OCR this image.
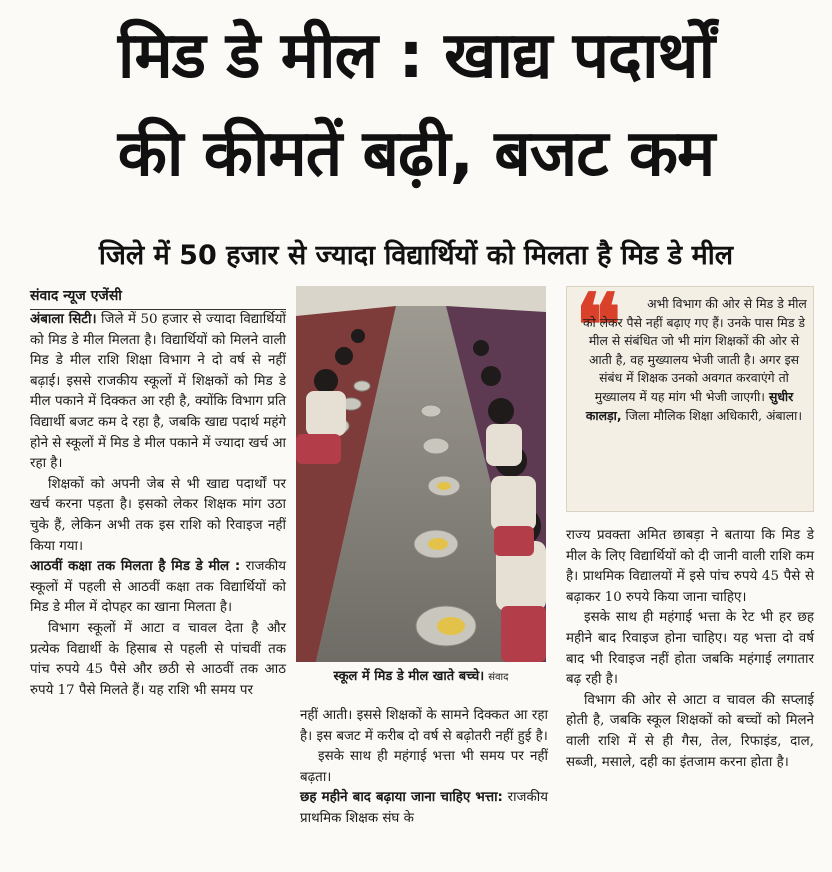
मिड डे मील : खाद्य पदार्थों
की कीमतें बढ़ी, बजट कम
जिले में 50 हजार से ज्यादा विद्यार्थियों को मिलता है मिड डे मील
संवाद न्यूज एजेंसी

अंबाला सिटी। जिले में 50 हजार से ज्यादा विद्यार्थियों को मिड डे मील मिलता है। विद्यार्थियों को मिलने वाली मिड डे मील राशि शिक्षा विभाग ने दो वर्ष से नहीं बढ़ाई। इससे राजकीय स्कूलों में शिक्षकों को मिड डे मील पकाने में दिक्कत आ रही है, क्योंकि विभाग प्रति विद्यार्थी बजट कम दे रहा है, जबकि खाद्य पदार्थ महंगे होने से स्कूलों में मिड डे मील पकाने में ज्यादा खर्च आ रहा है।

शिक्षकों को अपनी जेब से भी खाद्य पदार्थों पर खर्च करना पड़ता है। इसको लेकर शिक्षक मांग उठा चुके हैं, लेकिन अभी तक इस राशि को रिवाइज नहीं किया गया।

आठवीं कक्षा तक मिलता है मिड डे मील : राजकीय स्कूलों में पहली से आठवीं कक्षा तक विद्यार्थियों को मिड डे मील में दोपहर का खाना मिलता है।

विभाग स्कूलों में आटा व चावल देता है और प्रत्येक विद्यार्थी के हिसाब से पहली से पांचवीं तक पांच रुपये 45 पैसे और छठी से आठवीं तक आठ रुपये 17 पैसे मिलते हैं। यह राशि भी समय पर

स्कूल में मिड डे मील खाते बच्चे। संवाद

नहीं आती। इससे शिक्षकों के सामने दिक्कत आ रहा है। इस बजट में करीब दो वर्ष से बढ़ोतरी नहीं हुई है।

इसके साथ ही महंगाई भत्ता भी समय पर नहीं बढ़ता।

छह महीने बाद बढ़ाया जाना चाहिए भत्ता: राजकीय प्राथमिक शिक्षक संघ के

❝	अभी विभाग की ओर से मिड डे मील को लेकर पैसे नहीं बढ़ाए गए हैं। उनके पास मिड डे मील से संबंधित जो भी मांग शिक्षकों की ओर से आती है, वह मुख्यालय भेजी जाती है। अगर इस संबंध में शिक्षक उनको अवगत करवाएंगे तो मुख्यालय में यह मांग भी भेजी जाएगी। सुधीर कालड़ा, जिला मौलिक शिक्षा अधिकारी, अंबाला।

राज्य प्रवक्ता अमित छाबड़ा ने बताया कि मिड डे मील के लिए विद्यार्थियों को दी जानी वाली राशि कम है। प्राथमिक विद्यालयों में इसे पांच रुपये 45 पैसे से बढ़ाकर 10 रुपये किया जाना चाहिए।

इसके साथ ही महंगाई भत्ता के रेट भी हर छह महीने बाद रिवाइज होना चाहिए। यह भत्ता दो वर्ष बाद भी रिवाइज नहीं होता जबकि महंगाई लगातार बढ़ रही है।

विभाग की ओर से आटा व चावल की सप्लाई होती है, जबकि स्कूल शिक्षकों को बच्चों को मिलने वाली राशि में से ही गैस, तेल, रिफाइंड, दाल, सब्जी, मसाले, दही का इंतजाम करना होता है।
